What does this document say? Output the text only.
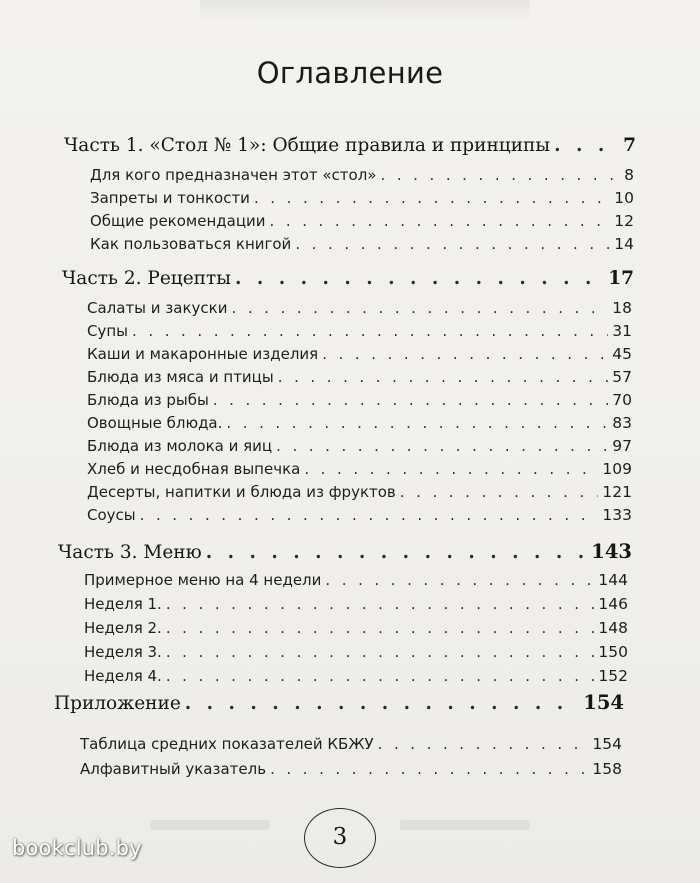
Оглавление
Часть 1. «Стол № 1»: Общие правила и принципы . . .	7
Для кого предназначен этот «стол» . . .	8
Запреты и тонкости . . .	10
Общие рекомендации . . .	12
Как пользоваться книгой . . .	14
Часть 2. Рецепты . . .	17
Салаты и закуски . . .	18
Супы . . .	31
Каши и макаронные изделия . . .	45
Блюда из мяса и птицы . . .	57
Блюда из рыбы . . .	70
Овощные блюда. . . .	83
Блюда из молока и яиц . . .	97
Хлеб и несдобная выпечка . . .	109
Десерты, напитки и блюда из фруктов . . .	121
Соусы . . .	133
Часть 3. Меню . . .	143
Примерное меню на 4 недели . . .	144
Неделя 1. . . .	146
Неделя 2. . . .	148
Неделя 3. . . .	150
Неделя 4. . . .	152
Приложение . . .	154
Таблица средних показателей КБЖУ . . .	154
Алфавитный указатель . . .	158
3
bookclub.by
